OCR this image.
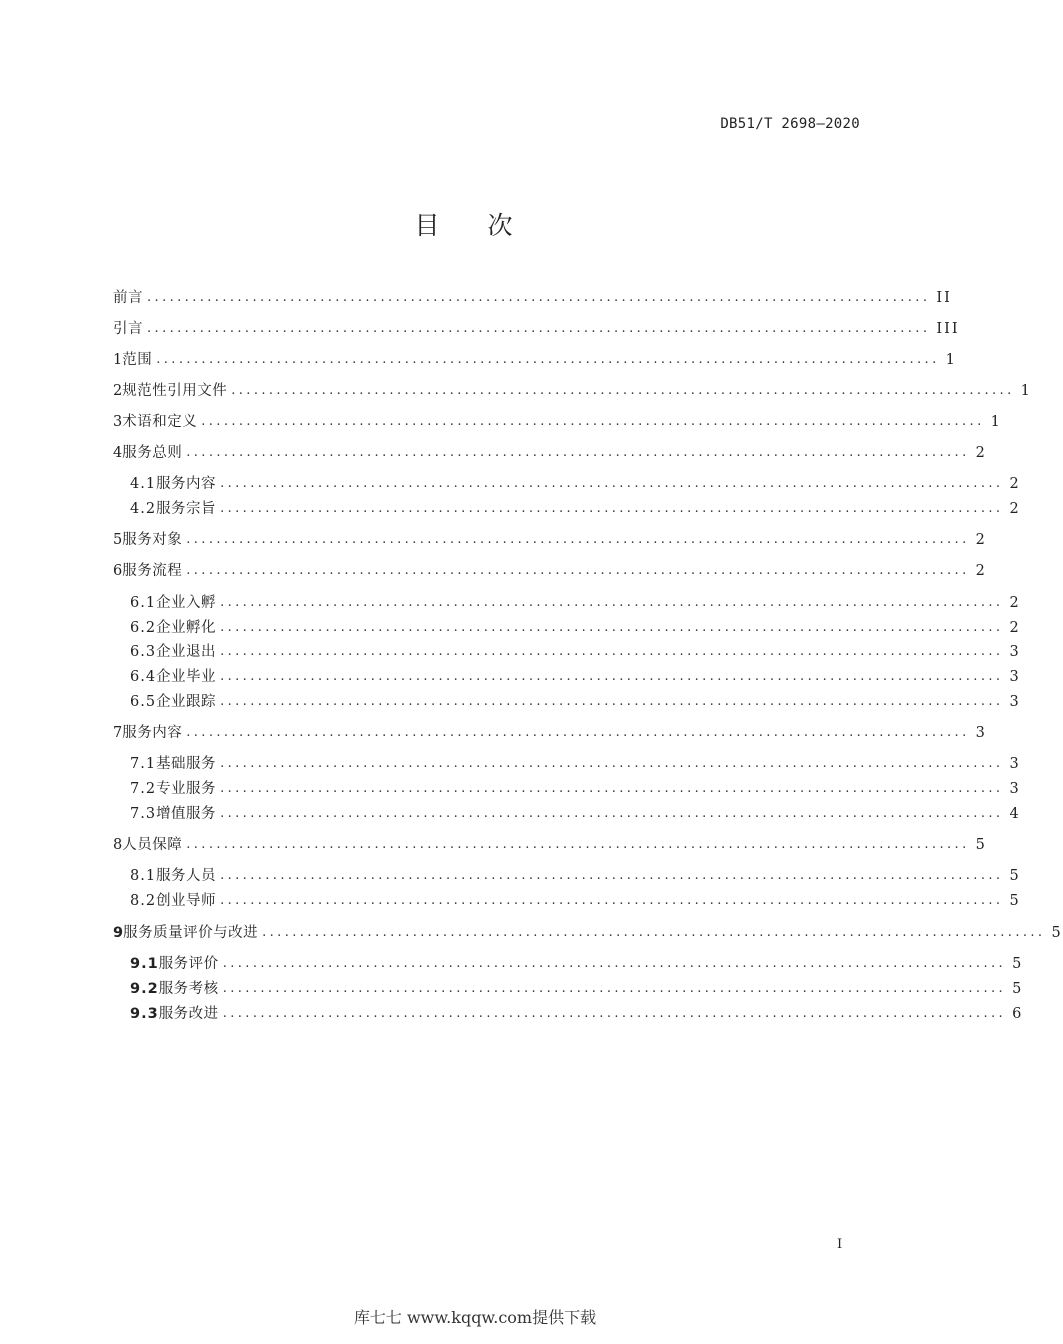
DB51/T 2698—2020
目次
前言 ........................................................................................................ II
引言 ........................................................................................................ III
1 范围 ........................................................................................................ 1
2 规范性引用文件 ........................................................................................................ 1
3 术语和定义 ........................................................................................................ 1
4 服务总则 ........................................................................................................ 2
4.1 服务内容 ........................................................................................................ 2
4.2 服务宗旨 ........................................................................................................ 2
5 服务对象 ........................................................................................................ 2
6 服务流程 ........................................................................................................ 2
6.1 企业入孵 ........................................................................................................ 2
6.2 企业孵化 ........................................................................................................ 2
6.3 企业退出 ........................................................................................................ 3
6.4 企业毕业 ........................................................................................................ 3
6.5 企业跟踪 ........................................................................................................ 3
7 服务内容 ........................................................................................................ 3
7.1 基础服务 ........................................................................................................ 3
7.2 专业服务 ........................................................................................................ 3
7.3 增值服务 ........................................................................................................ 4
8 人员保障 ........................................................................................................ 5
8.1 服务人员 ........................................................................................................ 5
8.2 创业导师 ........................................................................................................ 5
9 服务质量评价与改进 ........................................................................................................ 5
9.1 服务评价 ........................................................................................................ 5
9.2 服务考核 ........................................................................................................ 5
9.3 服务改进 ........................................................................................................ 6
I
库七七 www.kqqw.com提供下载
